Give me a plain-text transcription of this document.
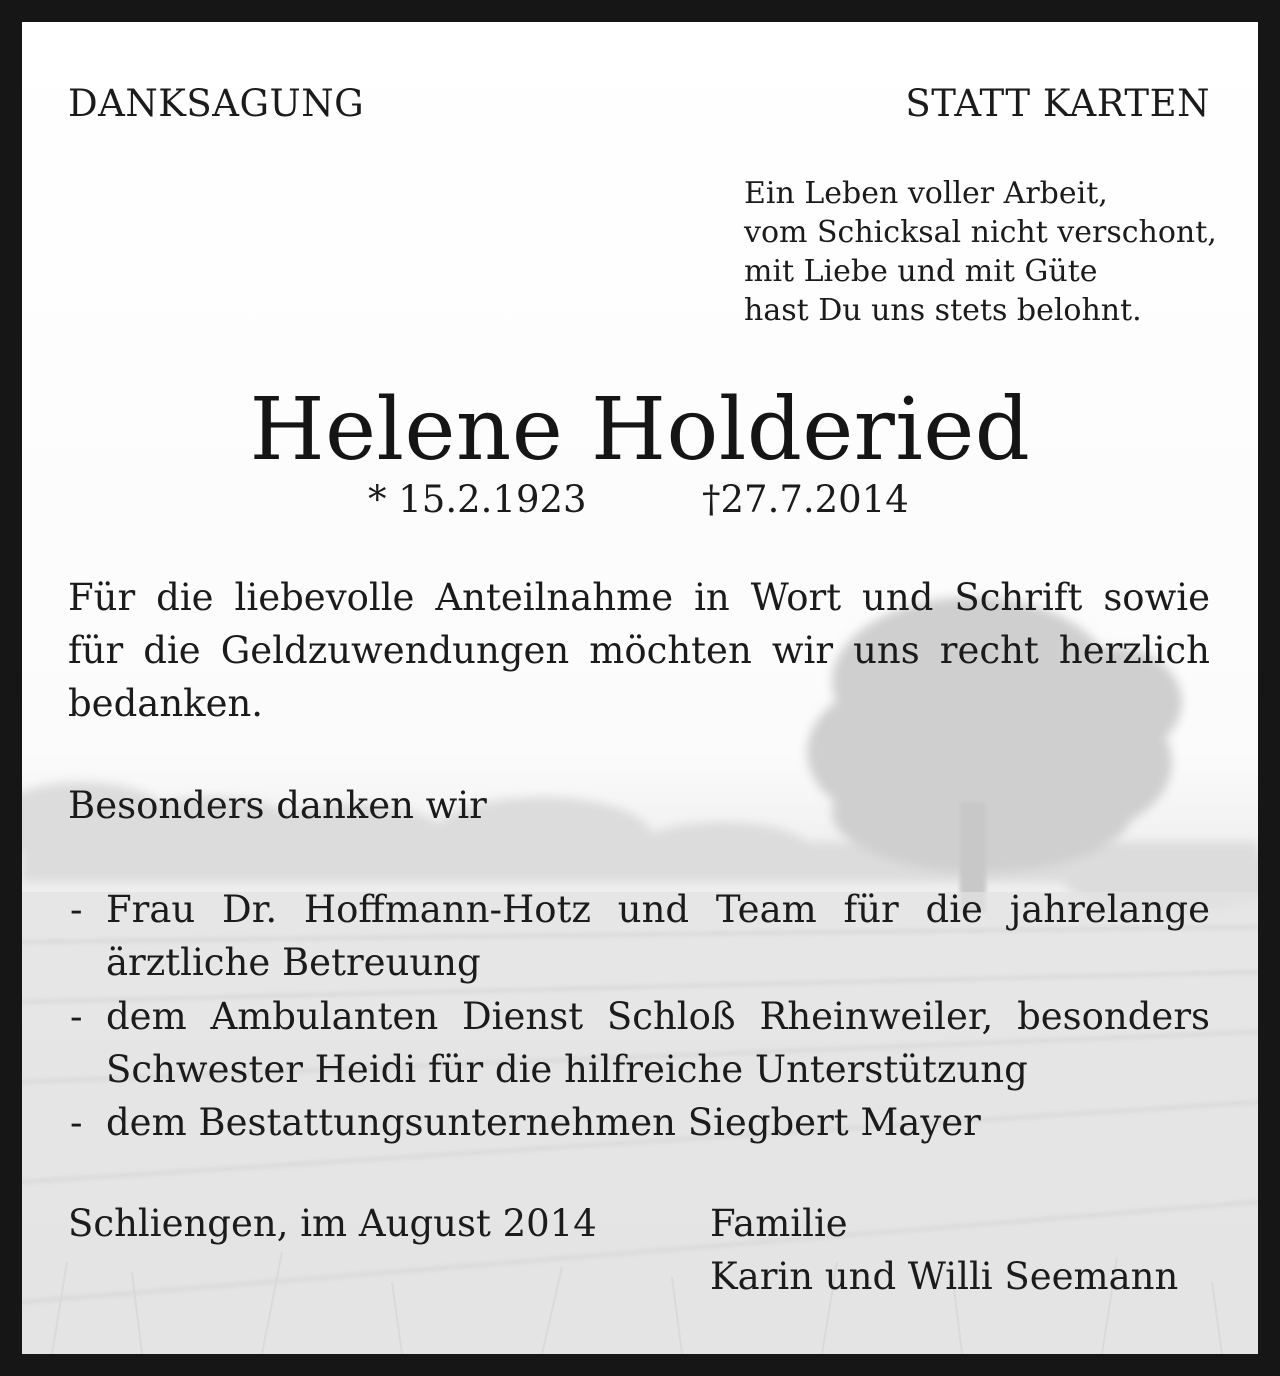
DANKSAGUNG	STATT KARTEN
Ein Leben voller Arbeit,
vom Schicksal nicht verschont,
mit Liebe und mit Güte
hast Du uns stets belohnt.
Helene Holderied
* 15.2.1923	†27.7.2014
Für die liebevolle Anteilnahme in Wort und Schrift sowie
für die Geldzuwendungen möchten wir uns recht herzlich
bedanken.
Besonders danken wir
- Frau Dr. Hoffmann-Hotz und Team für die jahrelange
ärztliche Betreuung
- dem Ambulanten Dienst Schloß Rheinweiler, besonders
Schwester Heidi für die hilfreiche Unterstützung
- dem Bestattungsunternehmen Siegbert Mayer
Schliengen, im August 2014	Familie
Karin und Willi Seemann
